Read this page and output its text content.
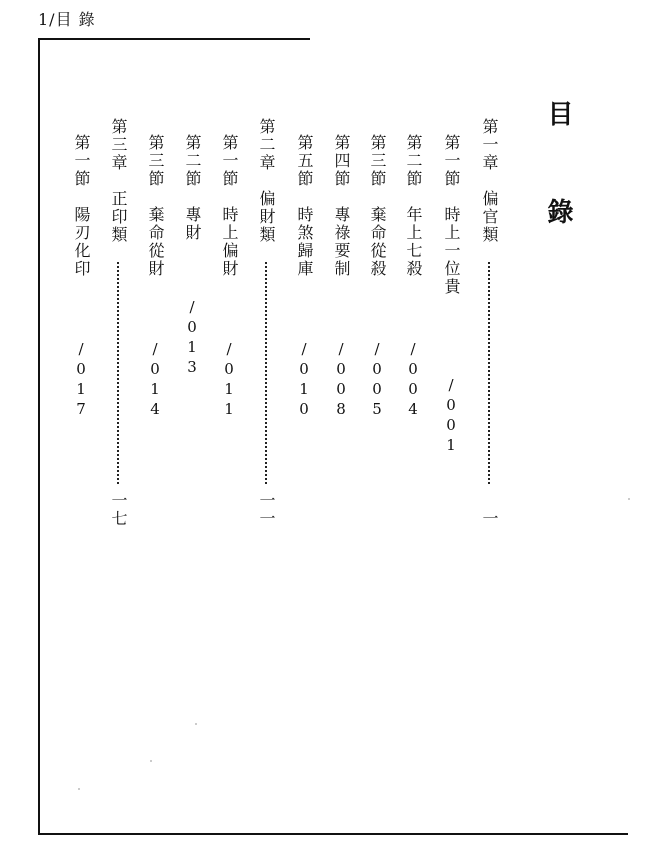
1/目 錄
目
錄
第一章　偏官類
一
第一節　時上一位貴
/001
第二節　年上七殺
/004
第三節　棄命從殺
/005
第四節　專祿要制
/008
第五節　時煞歸庫
/010
第二章　偏財類
一一
第一節　時上偏財
/011
第二節　專財
/013
第三節　棄命從財
/014
第三章　正印類
一七
第一節　陽刃化印
/017
